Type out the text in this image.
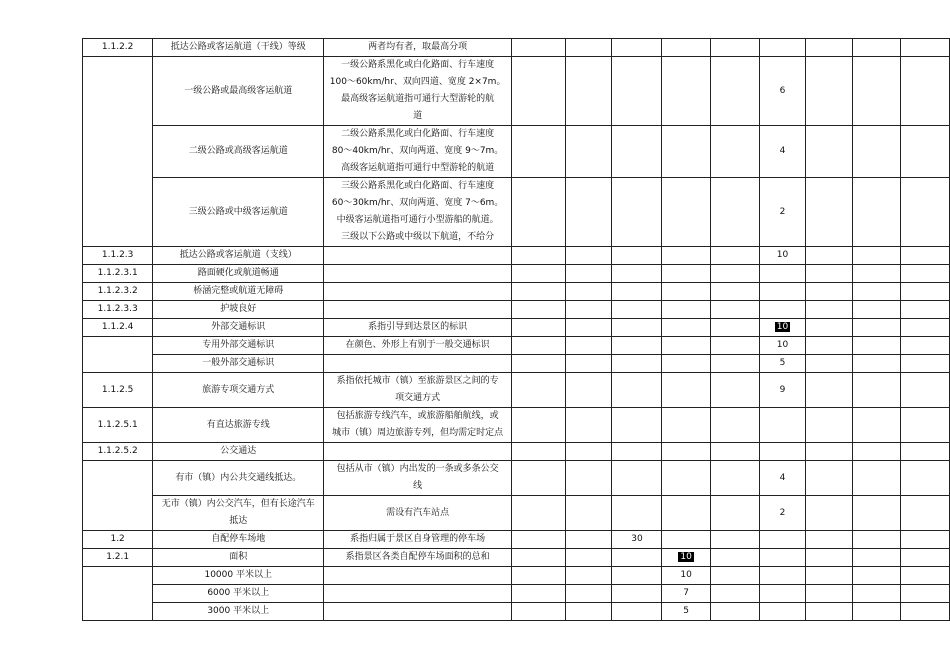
1.1.2.2	抵达公路或客运航道（干线）等级	两者均有者，取最高分项									
	一级公路或最高级客运航道	一级公路系黑化或白化路面、行车速度
100～60km/hr、双向四道、宽度 2×7m。
最高级客运航道指可通行大型游轮的航
道						6			
	二级公路或高级客运航道	二级公路系黑化或白化路面、行车速度
80～40km/hr、双向两道、宽度 9～7m。
高级客运航道指可通行中型游轮的航道						4			
	三级公路或中级客运航道	三级公路系黑化或白化路面、行车速度
60～30km/hr、双向两道、宽度 7～6m。
中级客运航道指可通行小型游船的航道。
三级以下公路或中级以下航道，不给分						2			
1.1.2.3	抵达公路或客运航道（支线）							10			
1.1.2.3.1	路面硬化或航道畅通										
1.1.2.3.2	桥涵完整或航道无障碍										
1.1.2.3.3	护坡良好										
1.1.2.4	外部交通标识	系指引导到达景区的标识						10			
	专用外部交通标识	在颜色、外形上有别于一般交通标识						10			
	一般外部交通标识							5			
1.1.2.5	旅游专项交通方式	系指依托城市（镇）至旅游景区之间的专
项交通方式						9			
1.1.2.5.1	有直达旅游专线	包括旅游专线汽车，或旅游船舶航线，或
城市（镇）周边旅游专列，但均需定时定点									
1.1.2.5.2	公交通达										
	有市（镇）内公共交通线抵达。	包括从市（镇）内出发的一条或多条公交
线						4			
	无市（镇）内公交汽车，但有长途汽车
抵达	需设有汽车站点						2			
1.2	自配停车场地	系指归属于景区自身管理的停车场			30						
1.2.1	面积	系指景区各类自配停车场面积的总和				10					
	10000 平米以上					10					
	6000 平米以上					7					
	3000 平米以上					5					
